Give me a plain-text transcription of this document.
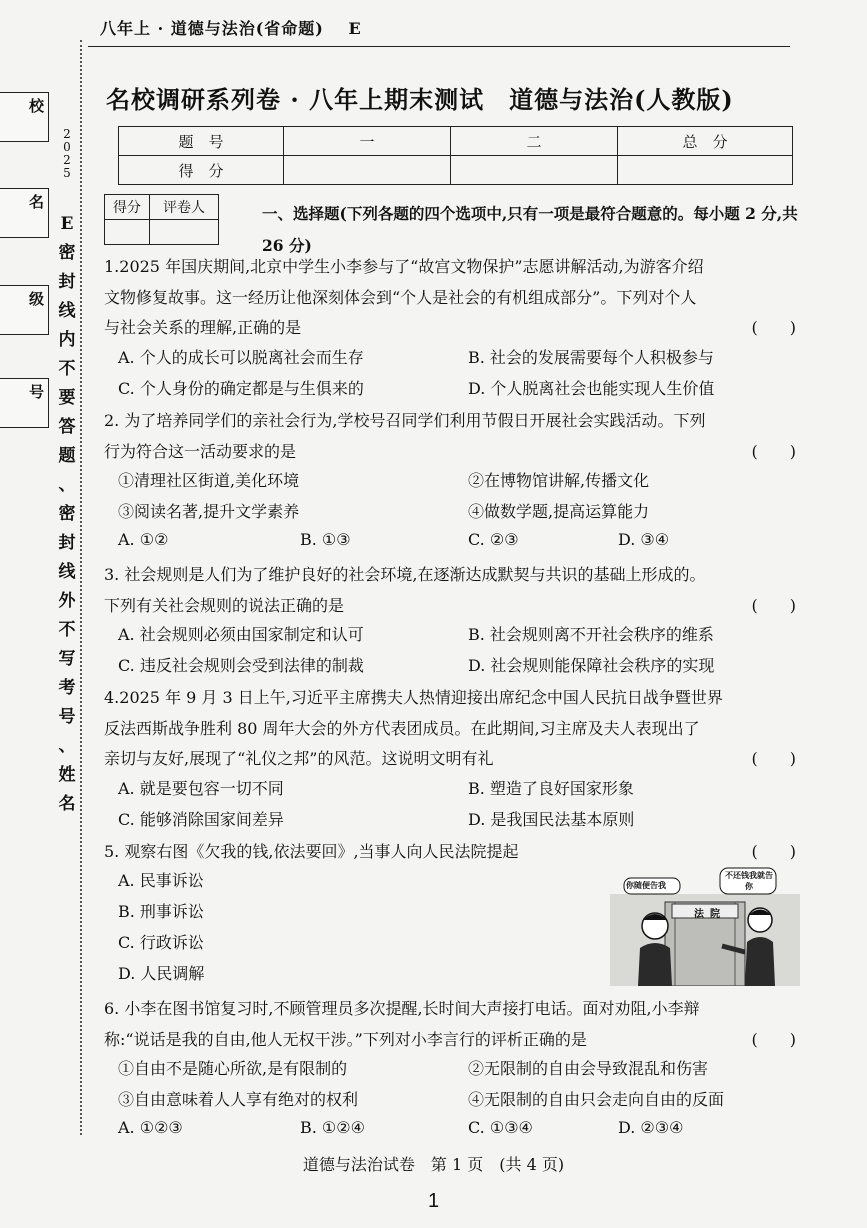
八年上 · 道德与法治(省命题) E
名校调研系列卷 · 八年上期末测试　道德与法治(人教版)
校
名
级
号
2
0
2
5
E
密
封
线
内
不
要
答
题
、
密
封
线
外
不
写
考
号
、
姓
名
题　号	一	二	总　分
得　分			
得分	评卷人
		一、选择题(下列各题的四个选项中,只有一项是最符合题意的。每小题 2 分,共 26 分)
1.2025 年国庆期间,北京中学生小李参与了“故宫文物保护”志愿讲解活动,为游客介绍
文物修复故事。这一经历让他深刻体会到“个人是社会的有机组成部分”。下列对个人
与社会关系的理解,正确的是	(　　)
A. 个人的成长可以脱离社会而生存	B. 社会的发展需要每个人积极参与
C. 个人身份的确定都是与生俱来的	D. 个人脱离社会也能实现人生价值
2. 为了培养同学们的亲社会行为,学校号召同学们利用节假日开展社会实践活动。下列
行为符合这一活动要求的是	(　　)
①清理社区街道,美化环境	②在博物馆讲解,传播文化
③阅读名著,提升文学素养	④做数学题,提高运算能力
A. ①②	B. ①③	C. ②③	D. ③④
3. 社会规则是人们为了维护良好的社会环境,在逐渐达成默契与共识的基础上形成的。
下列有关社会规则的说法正确的是	(　　)
A. 社会规则必须由国家制定和认可	B. 社会规则离不开社会秩序的维系
C. 违反社会规则会受到法律的制裁	D. 社会规则能保障社会秩序的实现
4.2025 年 9 月 3 日上午,习近平主席携夫人热情迎接出席纪念中国人民抗日战争暨世界
反法西斯战争胜利 80 周年大会的外方代表团成员。在此期间,习主席及夫人表现出了
亲切与友好,展现了“礼仪之邦”的风范。这说明文明有礼	(　　)
A. 就是要包容一切不同	B. 塑造了良好国家形象
C. 能够消除国家间差异	D. 是我国民法基本原则
5. 观察右图《欠我的钱,依法要回》,当事人向人民法院提起	(　　)
A. 民事诉讼
B. 刑事诉讼
C. 行政诉讼
D. 人民调解
你随便告我
不还钱我就告你
法院
6. 小李在图书馆复习时,不顾管理员多次提醒,长时间大声接打电话。面对劝阻,小李辩
称:“说话是我的自由,他人无权干涉。”下列对小李言行的评析正确的是	(　　)
①自由不是随心所欲,是有限制的	②无限制的自由会导致混乱和伤害
③自由意味着人人享有绝对的权利	④无限制的自由只会走向自由的反面
A. ①②③	B. ①②④	C. ①③④	D. ②③④
道德与法治试卷　第 1 页　(共 4 页)
1
